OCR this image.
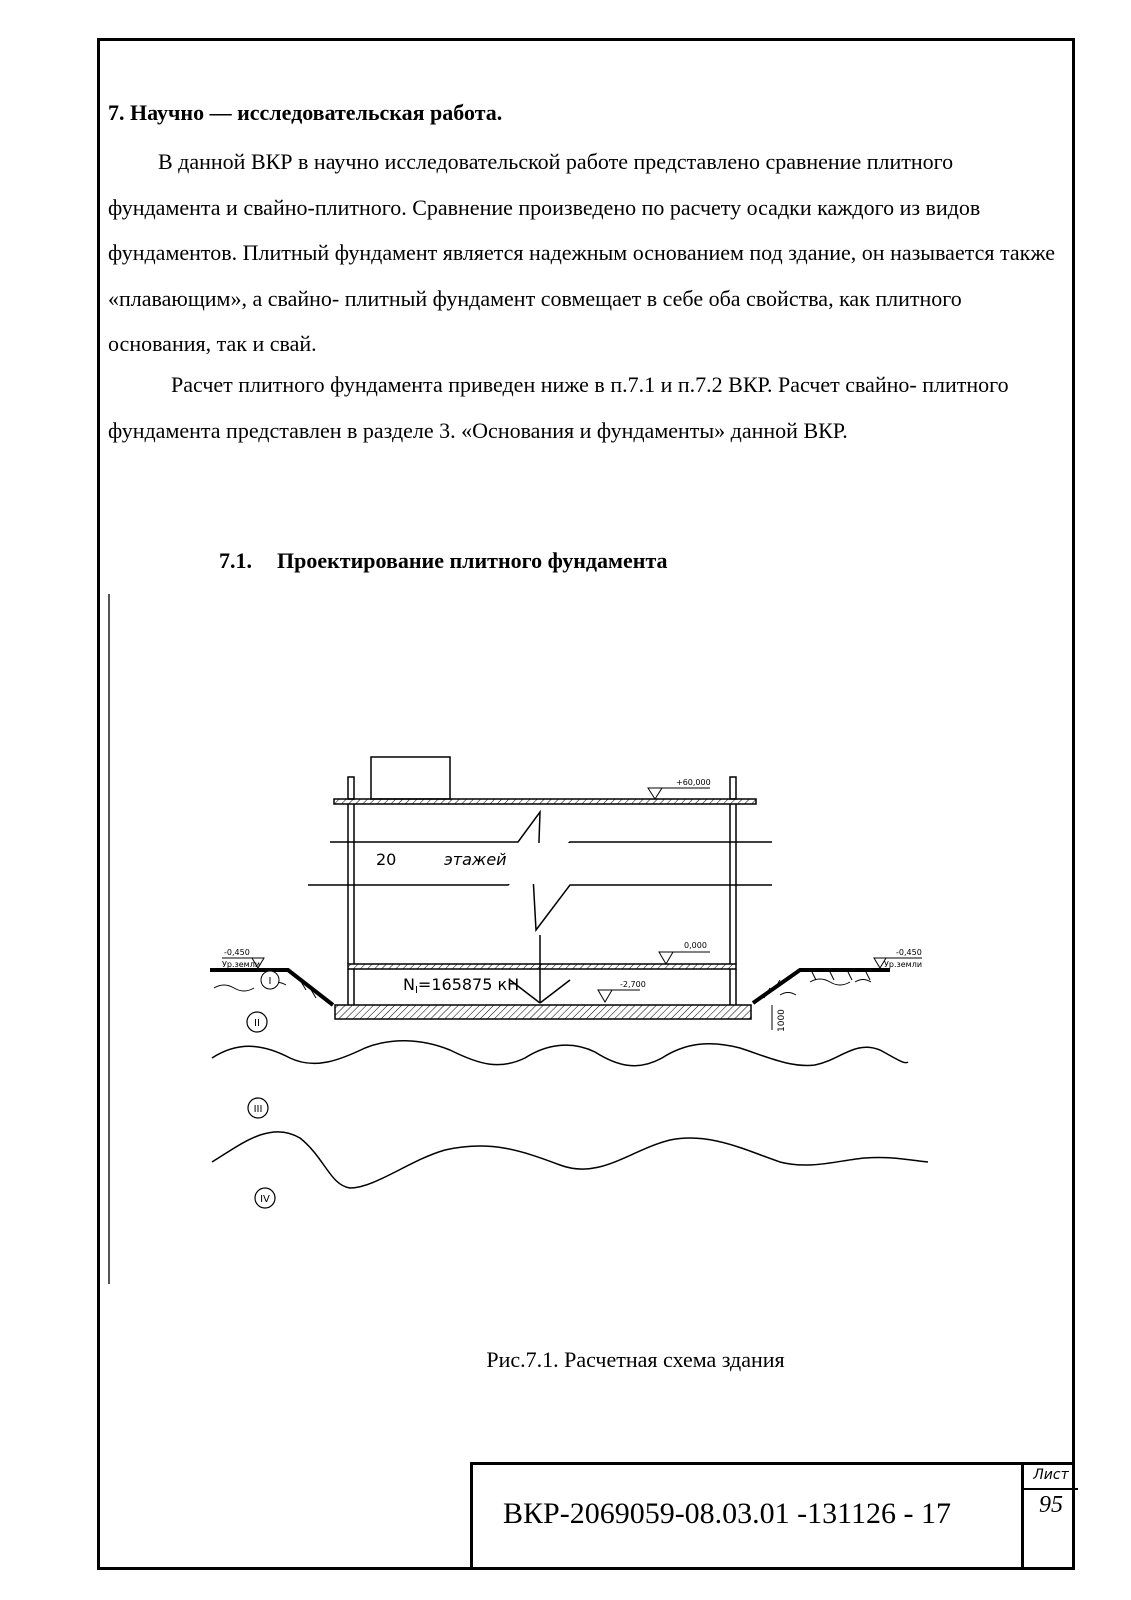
7. Научно — исследовательская работа.

В данной ВКР в научно исследовательской работе представлено сравнение плитного фундамента и свайно-плитного. Сравнение произведено по расчету осадки каждого из видов фундаментов. Плитный фундамент является надежным основанием под здание, он называется также «плавающим», а свайно- плитный фундамент совмещает в себе оба свойства, как плитного основания, так и свай.

Расчет плитного фундамента приведен ниже в п.7.1 и п.7.2 ВКР. Расчет свайно- плитного фундамента представлен в разделе 3. «Основания и фундаменты» данной ВКР.

7.1. Проектирование плитного фундамента
20	этажей
NI=165875 кН
+60,000
0,000
-2,700
-0,450
Ур.земли
-0,450
Ур.земли
1000
I
II
III
IV
Рис.7.1. Расчетная схема здания
ВКР-2069059-08.03.01 -131126 - 17
Лист
95
